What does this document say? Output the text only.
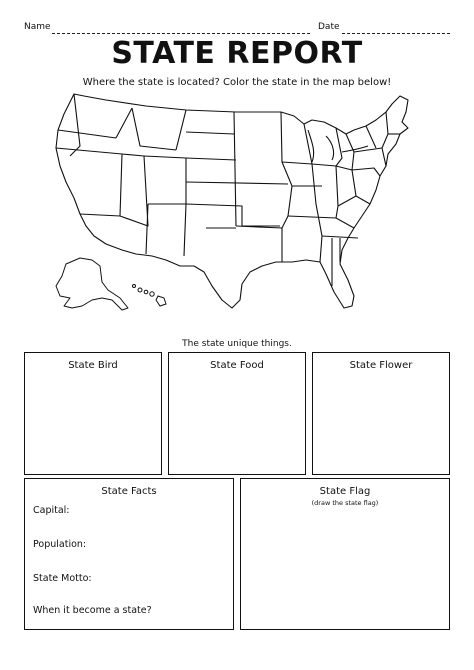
Name	Date
STATE REPORT
Where the state is located? Color the state in the map below!
The state unique things.
State Bird	State Food	State Flower
State Facts
Capital:
Population:
State Motto:
When it become a state?
State Flag
(draw the state flag)
